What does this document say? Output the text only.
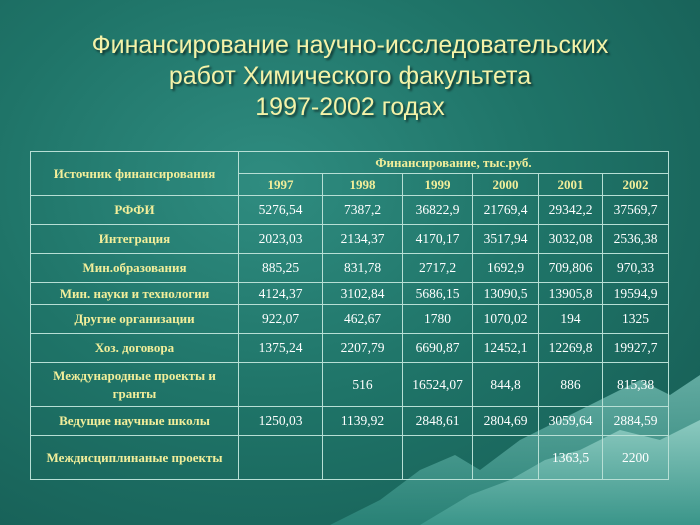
Финансирование научно-исследовательских
работ Химического факультета
1997-2002 годах
Источник финансирования	Финансирование, тыс.руб.					
	1997	1998	1999	2000	2001	2002
РФФИ	5276,54	7387,2	36822,9	21769,4	29342,2	37569,7
Интеграция	2023,03	2134,37	4170,17	3517,94	3032,08	2536,38
Мин.образования	885,25	831,78	2717,2	1692,9	709,806	970,33
Мин. науки и технологии	4124,37	3102,84	5686,15	13090,5	13905,8	19594,9
Другие организации	922,07	462,67	1780	1070,02	194	1325
Хоз. договора	1375,24	2207,79	6690,87	12452,1	12269,8	19927,7
Международные проекты и гранты		516	16524,07	844,8	886	815,38
Ведущие научные школы	1250,03	1139,92	2848,61	2804,69	3059,64	2884,59
Междисциплинаные проекты					1363,5	2200
